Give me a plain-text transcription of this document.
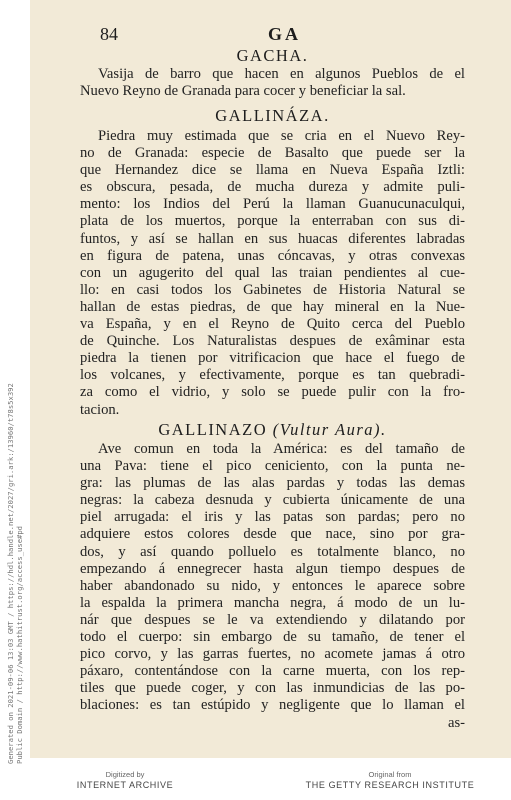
84	GA
GACHA.
Vasija de barro que hacen en algunos Pueblos de el
Nuevo Reyno de Granada para cocer y beneficiar la sal.
GALLINÁZA.
Piedra muy estimada que se cria en el Nuevo Rey-
no de Granada: especie de Basalto que puede ser la
que Hernandez dice se llama en Nueva España Iztli:
es obscura, pesada, de mucha dureza y admite puli-
mento: los Indios del Perú la llaman Guanucunaculqui,
plata de los muertos, porque la enterraban con sus di-
funtos, y así se hallan en sus huacas diferentes labradas
en figura de patena, unas cóncavas, y otras convexas
con un agugerito del qual las traian pendientes al cue-
llo: en casi todos los Gabinetes de Historia Natural se
hallan de estas piedras, de que hay mineral en la Nue-
va España, y en el Reyno de Quito cerca del Pueblo
de Quinche. Los Naturalistas despues de exâminar esta
piedra la tienen por vitrificacion que hace el fuego de
los volcanes, y efectivamente, porque es tan quebradi-
za como el vidrio, y solo se puede pulir con la fro-
tacion.
GALLINAZO (Vultur Aura).
Ave comun en toda la América: es del tamaño de
una Pava: tiene el pico ceniciento, con la punta ne-
gra: las plumas de las alas pardas y todas las demas
negras: la cabeza desnuda y cubierta únicamente de una
piel arrugada: el iris y las patas son pardas; pero no
adquiere estos colores desde que nace, sino por gra-
dos, y así quando polluelo es totalmente blanco, no
empezando á ennegrecer hasta algun tiempo despues de
haber abandonado su nido, y entonces le aparece sobre
la espalda la primera mancha negra, á modo de un lu-
nár que despues se le va extendiendo y dilatando por
todo el cuerpo: sin embargo de su tamaño, de tener el
pico corvo, y las garras fuertes, no acomete jamas á otro
páxaro, contentándose con la carne muerta, con los rep-
tiles que puede coger, y con las inmundicias de las po-
blaciones: es tan estúpido y negligente que lo llaman el
as-
Generated on 2021-09-06 13:03 GMT / https://hdl.handle.net/2027/gri.ark:/13960/t78s5x392 Public Domain / http://www.hathitrust.org/access_use#pd
Digitized by
INTERNET ARCHIVE
Original from
THE GETTY RESEARCH INSTITUTE
